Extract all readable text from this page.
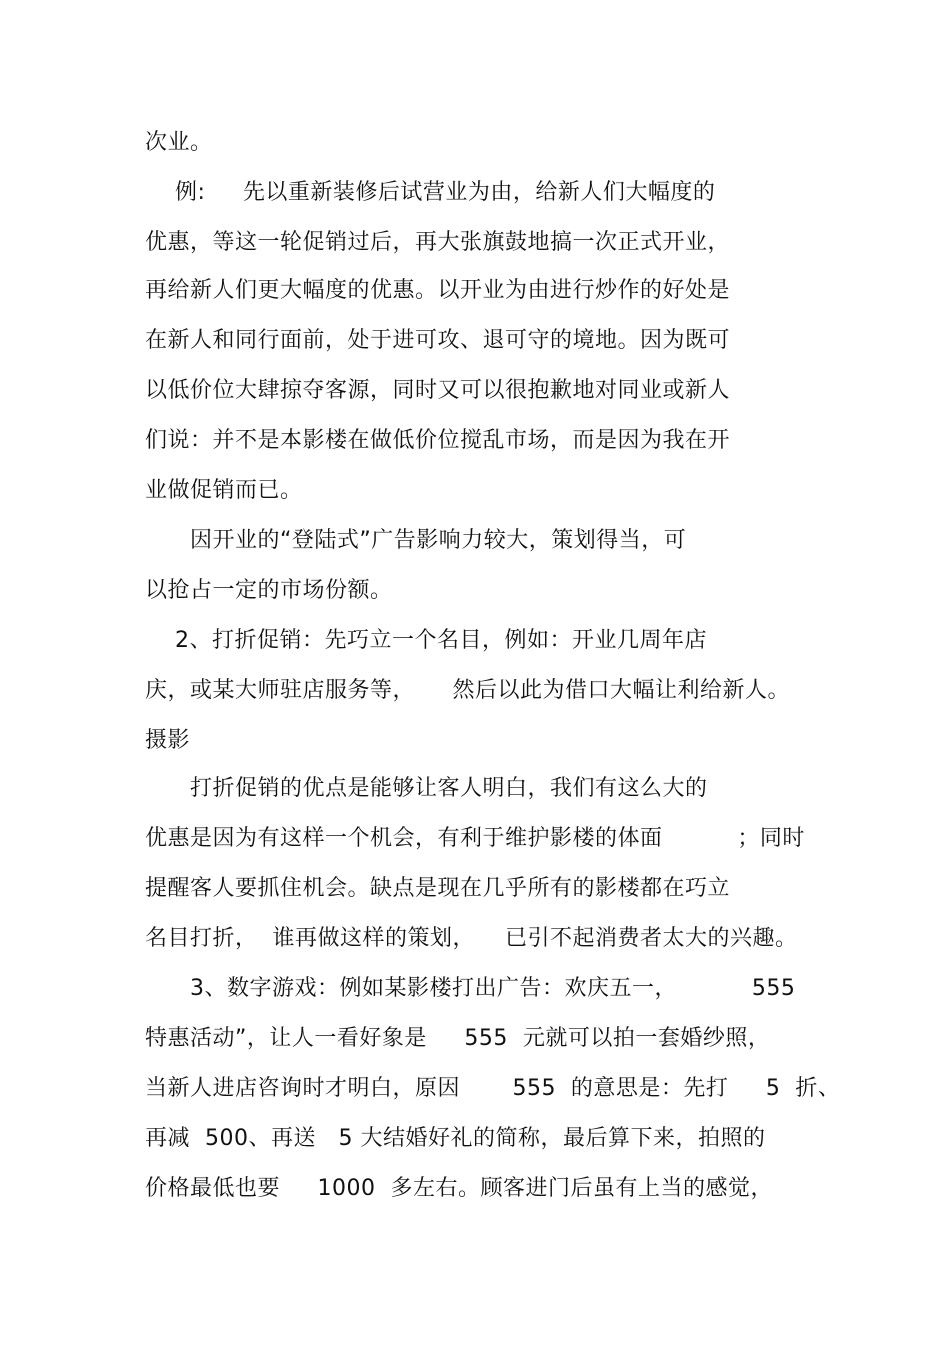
次业。
例:     先以重新装修后试营业为由，给新人们大幅度的
优惠，等这一轮促销过后，再大张旗鼓地搞一次正式开业，
再给新人们更大幅度的优惠。以开业为由进行炒作的好处是
在新人和同行面前，处于进可攻、退可守的境地。因为既可
以低价位大肆掠夺客源，同时又可以很抱歉地对同业或新人
们说：并不是本影楼在做低价位搅乱市场，而是因为我在开
业做促销而已。
因开业的“登陆式”广告影响力较大，策划得当，可
以抢占一定的市场份额。
2、打折促销：先巧立一个名目，例如：开业几周年店
庆，或某大师驻店服务等，     然后以此为借口大幅让利给新人。
摄影
打折促销的优点是能够让客人明白，我们有这么大的
优惠是因为有这样一个机会，有利于维护影楼的体面          ；同时
提醒客人要抓住机会。缺点是现在几乎所有的影楼都在巧立
名目打折，  谁再做这样的策划，    已引不起消费者太大的兴趣。
3、数字游戏：例如某影楼打出广告：欢庆五一，          555
特惠活动”，让人一看好象是     555  元就可以拍一套婚纱照，
当新人进店咨询时才明白，原因       555  的意思是：先打     5  折、
再减  500、再送   5 大结婚好礼的简称，最后算下来，拍照的
价格最低也要     1000  多左右。顾客进门后虽有上当的感觉，
